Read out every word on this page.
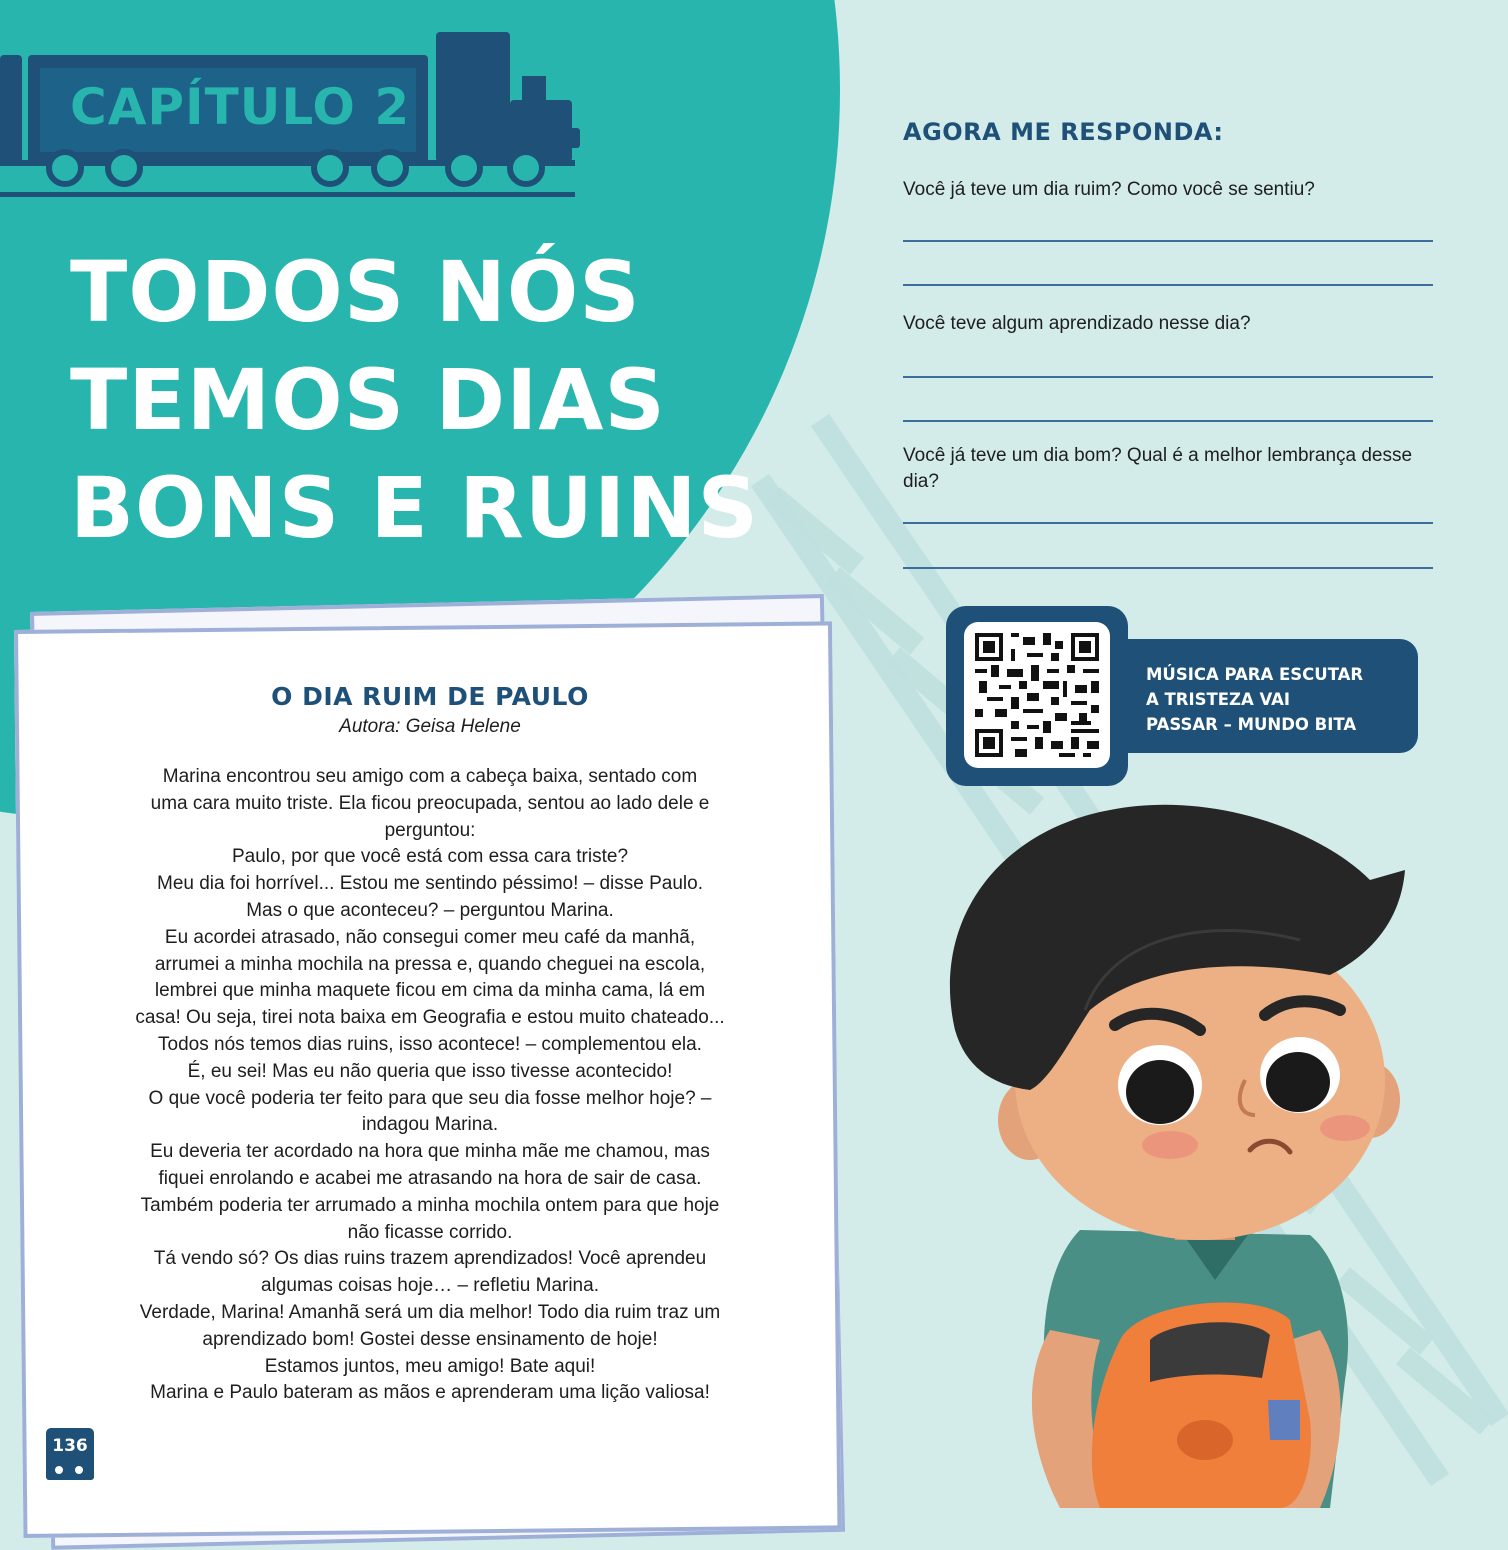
CAPÍTULO 2
TODOS NÓS
TEMOS DIAS
BONS E RUINS

O DIA RUIM DE PAULO

Autora: Geisa Helene

Marina encontrou seu amigo com a cabeça baixa, sentado com

uma cara muito triste. Ela ficou preocupada, sentou ao lado dele e

perguntou:

Paulo, por que você está com essa cara triste?

Meu dia foi horrível... Estou me sentindo péssimo! – disse Paulo.

Mas o que aconteceu? – perguntou Marina.

Eu acordei atrasado, não consegui comer meu café da manhã,

arrumei a minha mochila na pressa e, quando cheguei na escola,

lembrei que minha maquete ficou em cima da minha cama, lá em

casa! Ou seja, tirei nota baixa em Geografia e estou muito chateado...

Todos nós temos dias ruins, isso acontece! – complementou ela.

É, eu sei! Mas eu não queria que isso tivesse acontecido!

O que você poderia ter feito para que seu dia fosse melhor hoje? –

indagou Marina.

Eu deveria ter acordado na hora que minha mãe me chamou, mas

fiquei enrolando e acabei me atrasando na hora de sair de casa.

Também poderia ter arrumado a minha mochila ontem para que hoje

não ficasse corrido.

Tá vendo só? Os dias ruins trazem aprendizados! Você aprendeu

algumas coisas hoje… – refletiu Marina.

Verdade, Marina! Amanhã será um dia melhor! Todo dia ruim traz um

aprendizado bom! Gostei desse ensinamento de hoje!

Estamos juntos, meu amigo! Bate aqui!

Marina e Paulo bateram as mãos e aprenderam uma lição valiosa!

136
AGORA ME RESPONDA:
Você já teve um dia ruim? Como você se sentiu?
Você teve algum aprendizado nesse dia?
Você já teve um dia bom? Qual é a melhor lembrança desse dia?
MÚSICA PARA ESCUTAR
A TRISTEZA VAI
PASSAR – MUNDO BITA
